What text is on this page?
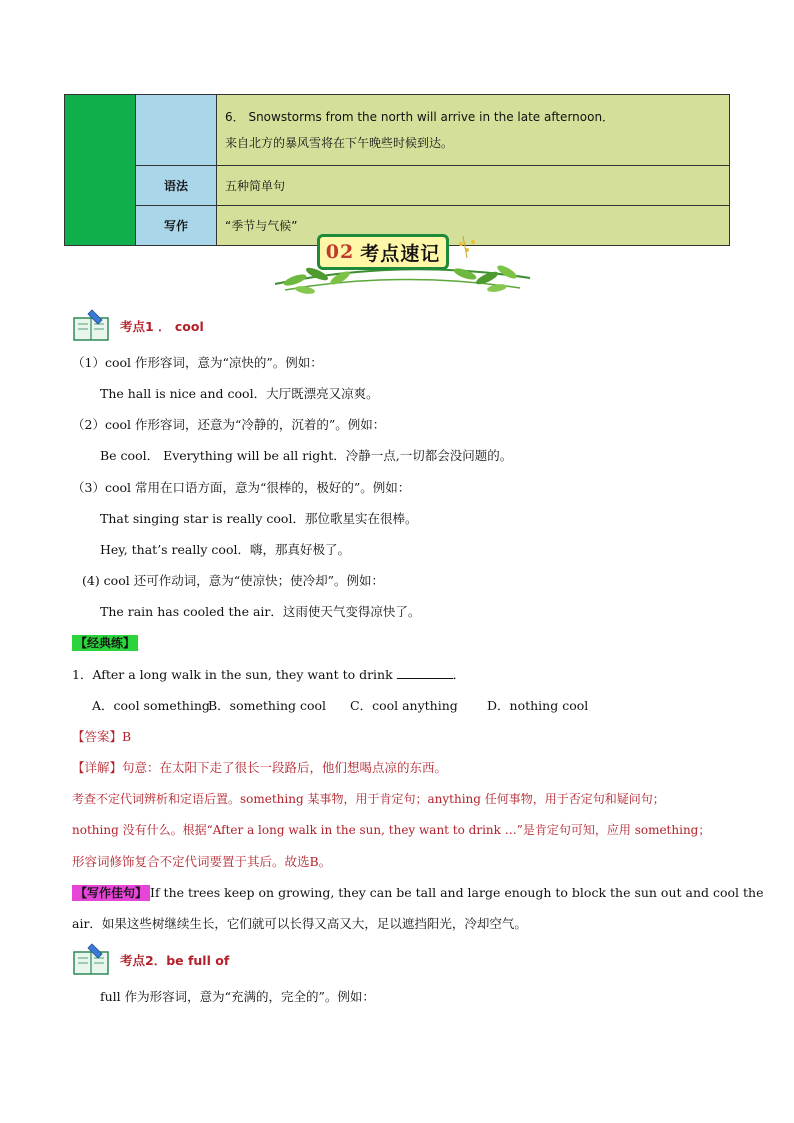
		6． Snowstorms from the north will arrive in the late afternoon．
来自北方的暴风雪将在下午晚些时候到达。

	语法	五种简单句
	写作	“季节与气候”
02 考点速记
考点1 ． cool
（1）cool 作形容词，意为“凉快的”。例如：
The hall is nice and cool．大厅既漂亮又凉爽。
（2）cool 作形容词，还意为“冷静的，沉着的”。例如：
Be cool． Everything will be all right．冷静一点,一切都会没问题的。
（3）cool 常用在口语方面，意为“很棒的，极好的”。例如：
That singing star is really cool．那位歌星实在很棒。
Hey, that’s really cool．嗨，那真好极了。
(4) cool 还可作动词，意为“使凉快；使冷却”。例如：
The rain has cooled the air．这雨使天气变得凉快了。
【经典练】
1．After a long walk in the sun, they want to drink	．
A．cool something
B．something cool C．cool anything D．nothing cool
【答案】B
【详解】句意：在太阳下走了很长一段路后，他们想喝点凉的东西。
考查不定代词辨析和定语后置。something 某事物，用于肯定句；anything 任何事物，用于否定句和疑问句；
nothing 没有什么。根据“After a long walk in the sun, they want to drink …”是肯定句可知，应用 something；
形容词修饰复合不定代词要置于其后。故选B。
【写作佳句】 If the trees keep on growing, they can be tall and large enough to block the sun out and cool the
air．如果这些树继续生长，它们就可以长得又高又大，足以遮挡阳光，冷却空气。
考点2．be full of
full 作为形容词，意为“充满的，完全的”。例如：
